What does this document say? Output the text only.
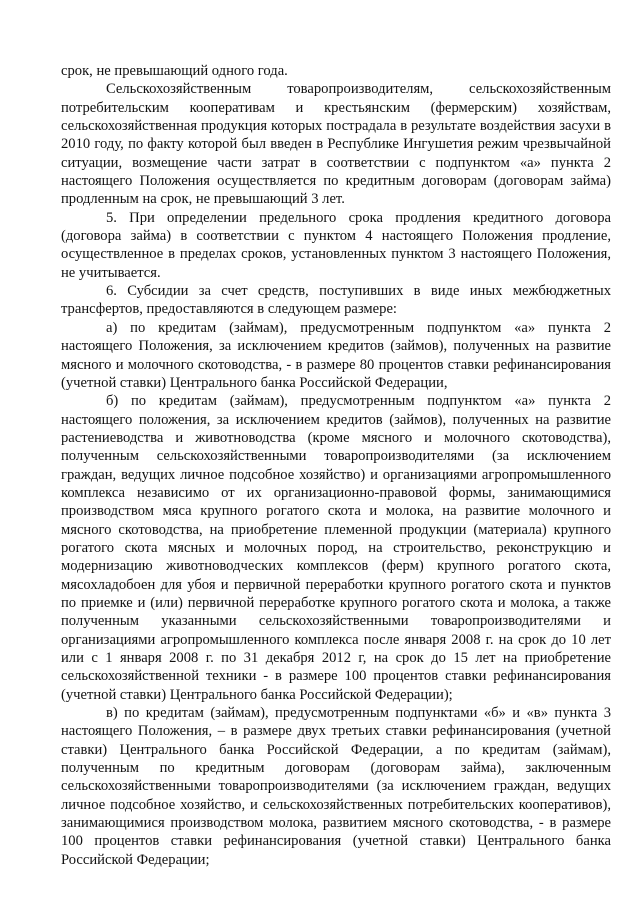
срок, не превышающий одного года.

Сельскохозяйственным товаропроизводителям, сельскохозяйственным потребительским кооперативам и крестьянским (фермерским) хозяйствам, сельскохозяйственная продукция которых пострадала в результате воздействия засухи в 2010 году, по факту которой был введен в Республике Ингушетия режим чрезвычайной ситуации, возмещение части затрат в соответствии с подпунктом «а» пункта 2 настоящего Положения осуществляется по кредитным договорам (договорам займа) продленным на срок, не превышающий 3 лет.

5. При определении предельного срока продления кредитного договора (договора займа) в соответствии с пунктом 4 настоящего Положения продление, осуществленное в пределах сроков, установленных пунктом 3 настоящего Положения, не учитывается.

6. Субсидии за счет средств, поступивших в виде иных межбюджетных трансфертов, предоставляются в следующем размере:

а) по кредитам (займам), предусмотренным подпунктом «а» пункта 2 настоящего Положения, за исключением кредитов (займов), полученных на развитие мясного и молочного скотоводства, - в размере 80 процентов ставки рефинансирования (учетной ставки) Центрального банка Российской Федерации,

б) по кредитам (займам), предусмотренным подпунктом «а» пункта 2 настоящего положения, за исключением кредитов (займов), полученных на развитие растениеводства и животноводства (кроме мясного и молочного скотоводства), полученным сельскохозяйственными товаропроизводителями (за исключением граждан, ведущих личное подсобное хозяйство) и организациями агропромышленного комплекса независимо от их организационно-правовой формы, занимающимися производством мяса крупного рогатого скота и молока, на развитие молочного и мясного скотоводства, на приобретение племенной продукции (материала) крупного рогатого скота мясных и молочных пород, на строительство, реконструкцию и модернизацию животноводческих комплексов (ферм) крупного рогатого скота, мясохладобоен для убоя и первичной переработки крупного рогатого скота и пунктов по приемке и (или) первичной переработке крупного рогатого скота и молока, а также полученным указанными сельскохозяйственными товаропроизводителями и организациями агропромышленного комплекса после января 2008 г. на срок до 10 лет или с 1 января 2008 г. по 31 декабря 2012 г, на срок до 15 лет на приобретение сельскохозяйственной техники - в размере 100 процентов ставки рефинансирования (учетной ставки) Центрального банка Российской Федерации);

в) по кредитам (займам), предусмотренным подпунктами «б» и «в» пункта 3 настоящего Положения, – в размере двух третьих ставки рефинансирования (учетной ставки) Центрального банка Российской Федерации, а по кредитам (займам), полученным по кредитным договорам (договорам займа), заключенным сельскохозяйственными товаропроизводителями (за исключением граждан, ведущих личное подсобное хозяйство, и сельскохозяйственных потребительских кооперативов), занимающимися производством молока, развитием мясного скотоводства, - в размере 100 процентов ставки рефинансирования (учетной ставки) Центрального банка Российской Федерации;
